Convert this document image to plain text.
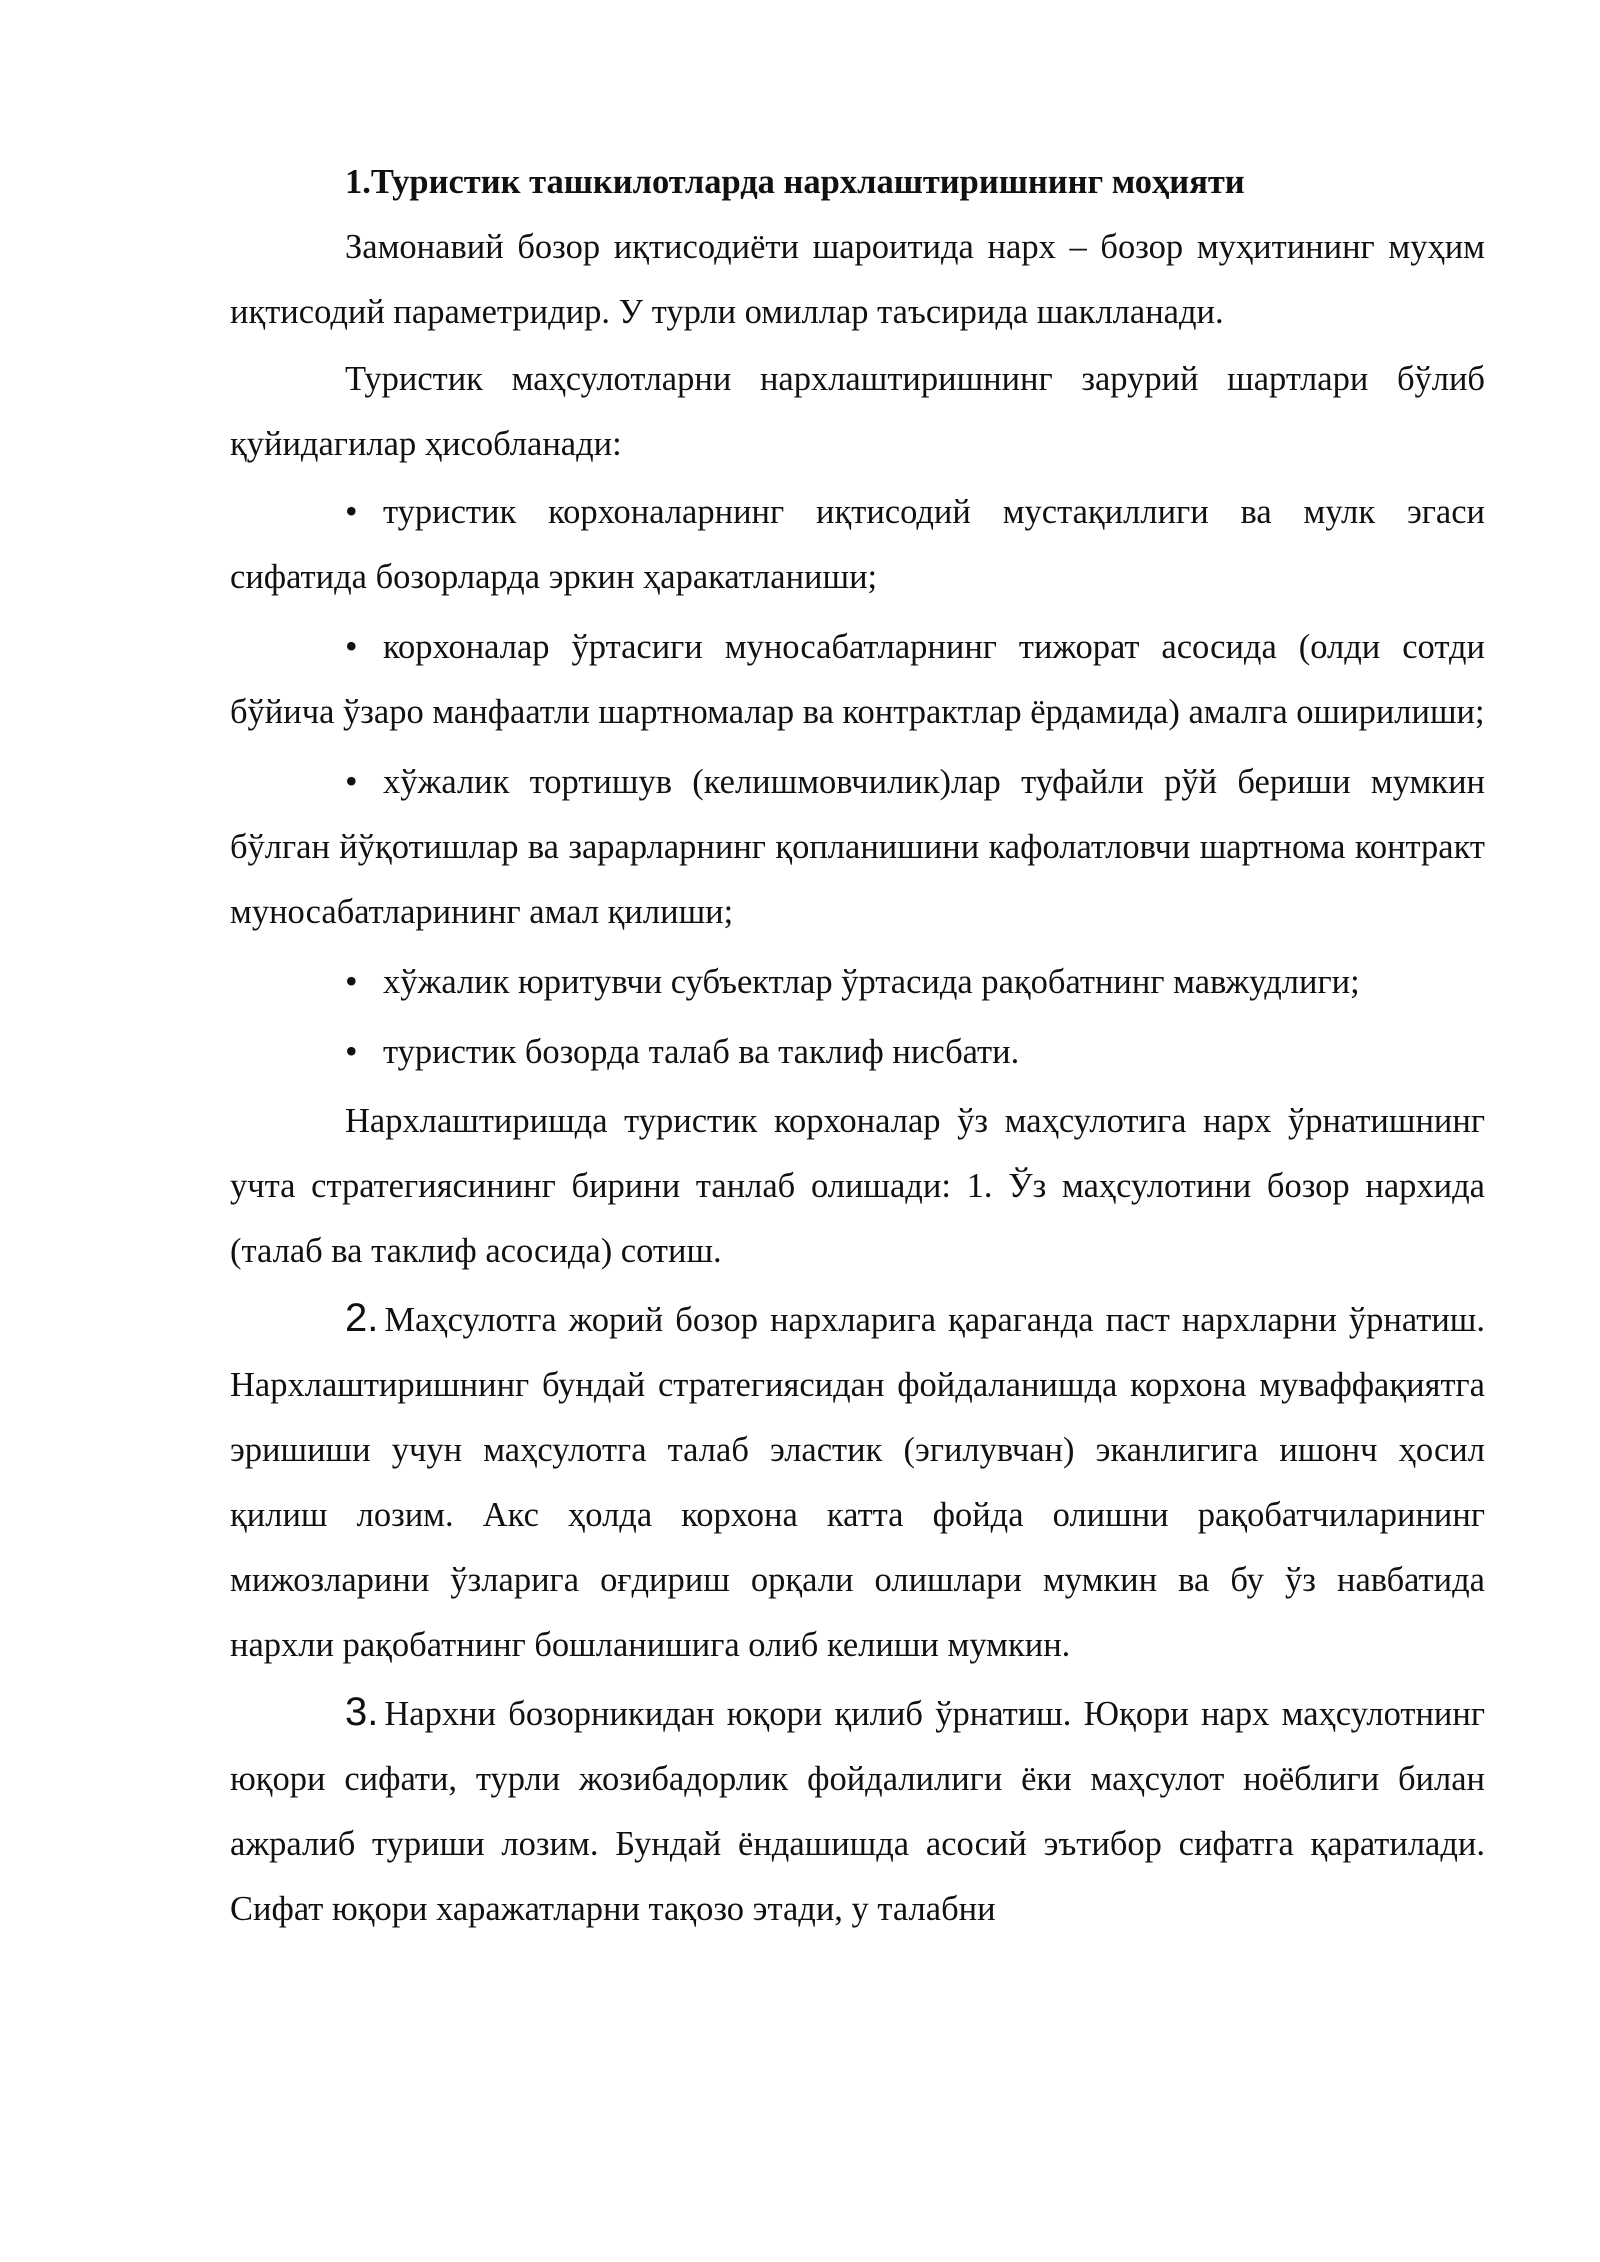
1.Туристик ташкилотларда нархлаштиришнинг моҳияти

Замонавий бозор иқтисодиёти шароитида нарх – бозор муҳитининг муҳим иқтисодий параметридир. У турли омиллар таъсирида шаклланади.

Туристик маҳсулотларни нархлаштиришнинг зарурий шартлари бўлиб қуйидагилар ҳисобланади:

• туристик корхоналарнинг иқтисодий мустақиллиги ва мулк эгаси сифатида бозорларда эркин ҳаракатланиши;

• корхоналар ўртасиги муносабатларнинг тижорат асосида (олди сотди бўйича ўзаро манфаатли шартномалар ва контрактлар ёрдамида) амалга оширилиши;

• хўжалик тортишув (келишмовчилик)лар туфайли рўй бериши мумкин бўлган йўқотишлар ва зарарларнинг қопланишини кафолатловчи шартнома контракт муносабатларининг амал қилиши;

• хўжалик юритувчи субъектлар ўртасида рақобатнинг мавжудлиги;

• туристик бозорда талаб ва таклиф нисбати.

Нархлаштиришда туристик корхоналар ўз маҳсулотига нарх ўрнатишнинг учта стратегиясининг бирини танлаб олишади: 1. Ўз маҳсулотини бозор нархида (талаб ва таклиф асосида) сотиш.

2. Маҳсулотга жорий бозор нархларига қараганда паст нархларни ўрнатиш. Нархлаштиришнинг бундай стратегиясидан фойдаланишда корхона муваффақиятга эришиши учун маҳсулотга талаб эластик (эгилувчан) эканлигига ишонч ҳосил қилиш лозим. Акс ҳолда корхона катта фойда олишни рақобатчиларининг мижозларини ўзларига оғдириш орқали олишлари мумкин ва бу ўз навбатида нархли рақобатнинг бошланишига олиб келиши мумкин.

3. Нархни бозорникидан юқори қилиб ўрнатиш. Юқори нарх маҳсулотнинг юқори сифати, турли жозибадорлик фойдалилиги ёки маҳсулот ноёблиги билан ажралиб туриши лозим. Бундай ёндашишда асосий эътибор сифатга қаратилади. Сифат юқори харажатларни тақозо этади, у талабни
